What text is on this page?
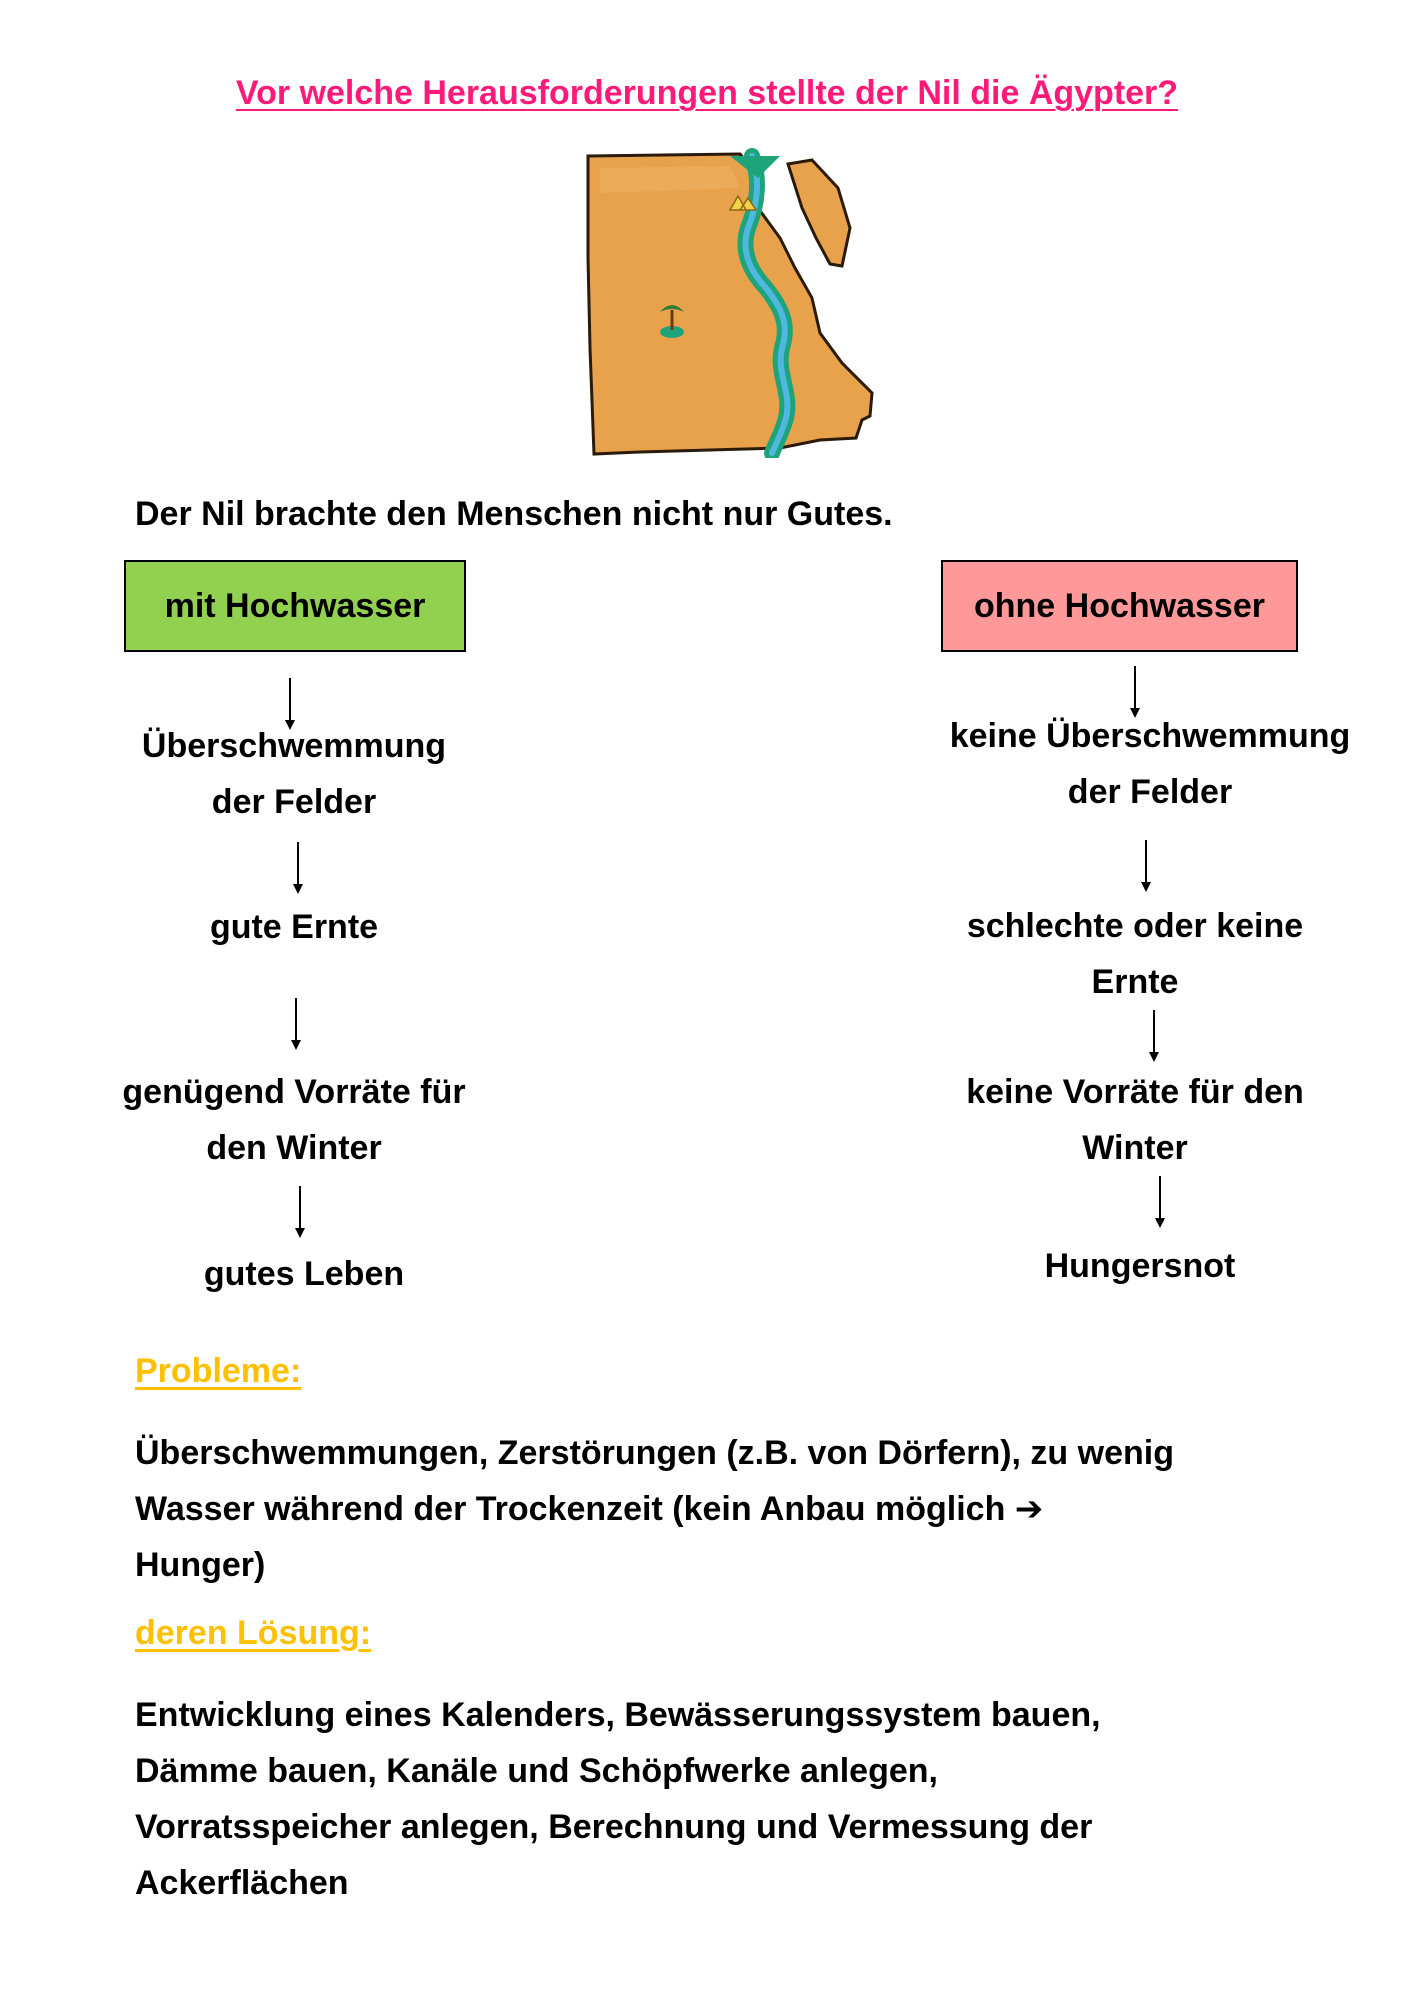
Vor welche Herausforderungen stellte der Nil die Ägypter?
Der Nil brachte den Menschen nicht nur Gutes.
mit Hochwasser	ohne Hochwasser
Überschwemmung
der Felder
gute Ernte
genügend Vorräte für
den Winter
gutes Leben
keine Überschwemmung
der Felder
schlechte oder keine
Ernte
keine Vorräte für den
Winter
Hungersnot
Probleme:
Überschwemmungen, Zerstörungen (z.B. von Dörfern), zu wenig
Wasser während der Trockenzeit (kein Anbau möglich ➔
Hunger)
deren Lösung:
Entwicklung eines Kalenders, Bewässerungssystem bauen,
Dämme bauen, Kanäle und Schöpfwerke anlegen,
Vorratsspeicher anlegen, Berechnung und Vermessung der
Ackerflächen
